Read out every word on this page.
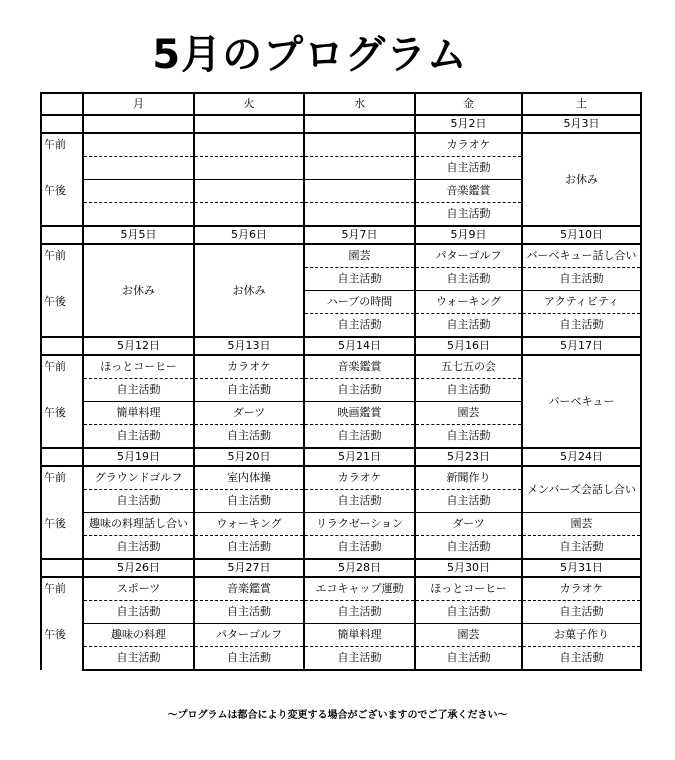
5月のプログラム
	月	火	水	金	土
				5月2日	5月3日
午前				カラオケ	お休み
				自主活動	
午後				音楽鑑賞	
				自主活動	
	5月5日	5月6日	5月7日	5月9日	5月10日
午前	お休み	お休み	園芸	パターゴルフ	バーベキュー話し合い
			自主活動	自主活動	自主活動
午後			ハーブの時間	ウォーキング	アクティビティ
			自主活動	自主活動	自主活動
	5月12日	5月13日	5月14日	5月16日	5月17日
午前	ほっとコーヒー	カラオケ	音楽鑑賞	五七五の会	バーベキュー
	自主活動	自主活動	自主活動	自主活動	
午後	簡単料理	ダーツ	映画鑑賞	園芸	
	自主活動	自主活動	自主活動	自主活動	
	5月19日	5月20日	5月21日	5月23日	5月24日
午前	グラウンドゴルフ	室内体操	カラオケ	新聞作り	メンバーズ会話し合い
	自主活動	自主活動	自主活動	自主活動	
午後	趣味の料理話し合い	ウォーキング	リラクゼーション	ダーツ	園芸
	自主活動	自主活動	自主活動	自主活動	自主活動
	5月26日	5月27日	5月28日	5月30日	5月31日
午前	スポーツ	音楽鑑賞	エコキャップ運動	ほっとコーヒー	カラオケ
	自主活動	自主活動	自主活動	自主活動	自主活動
午後	趣味の料理	パターゴルフ	簡単料理	園芸	お菓子作り
	自主活動	自主活動	自主活動	自主活動	自主活動
～プログラムは都合により変更する場合がございますのでご了承ください～
